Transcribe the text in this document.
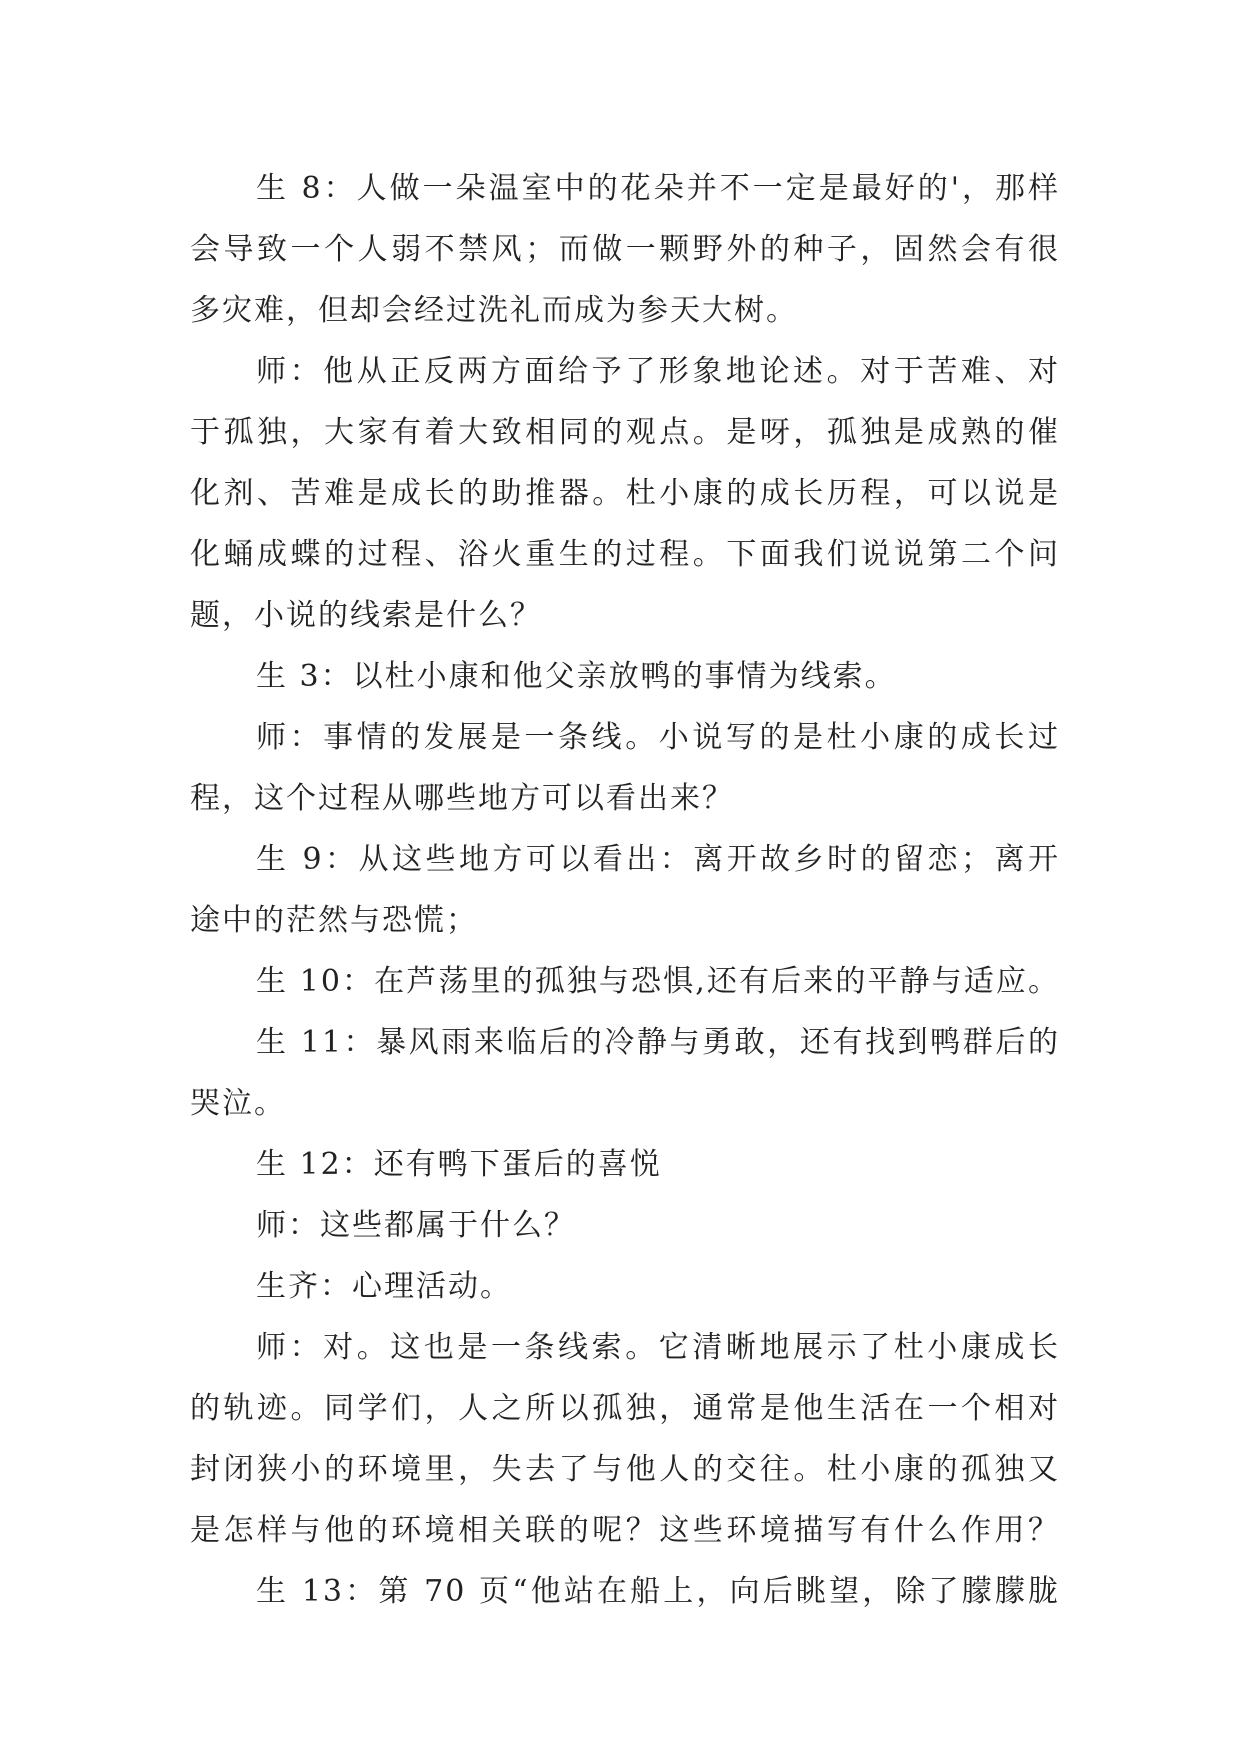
生 8：人做一朵温室中的花朵并不一定是最好的'，那样
会导致一个人弱不禁风；而做一颗野外的种子，固然会有很
多灾难，但却会经过洗礼而成为参天大树。
师：他从正反两方面给予了形象地论述。对于苦难、对
于孤独，大家有着大致相同的观点。是呀，孤独是成熟的催
化剂、苦难是成长的助推器。杜小康的成长历程，可以说是
化蛹成蝶的过程、浴火重生的过程。下面我们说说第二个问
题，小说的线索是什么？
生 3：以杜小康和他父亲放鸭的事情为线索。
师：事情的发展是一条线。小说写的是杜小康的成长过
程，这个过程从哪些地方可以看出来？
生 9：从这些地方可以看出：离开故乡时的留恋；离开
途中的茫然与恐慌；
生 10：在芦荡里的孤独与恐惧,还有后来的平静与适应。
生 11：暴风雨来临后的冷静与勇敢，还有找到鸭群后的
哭泣。
生 12：还有鸭下蛋后的喜悦
师：这些都属于什么？
生齐：心理活动。
师：对。这也是一条线索。它清晰地展示了杜小康成长
的轨迹。同学们，人之所以孤独，通常是他生活在一个相对
封闭狭小的环境里，失去了与他人的交往。杜小康的孤独又
是怎样与他的环境相关联的呢？这些环境描写有什么作用？
生 13：第 70 页“他站在船上，向后眺望，除了朦朦胧
